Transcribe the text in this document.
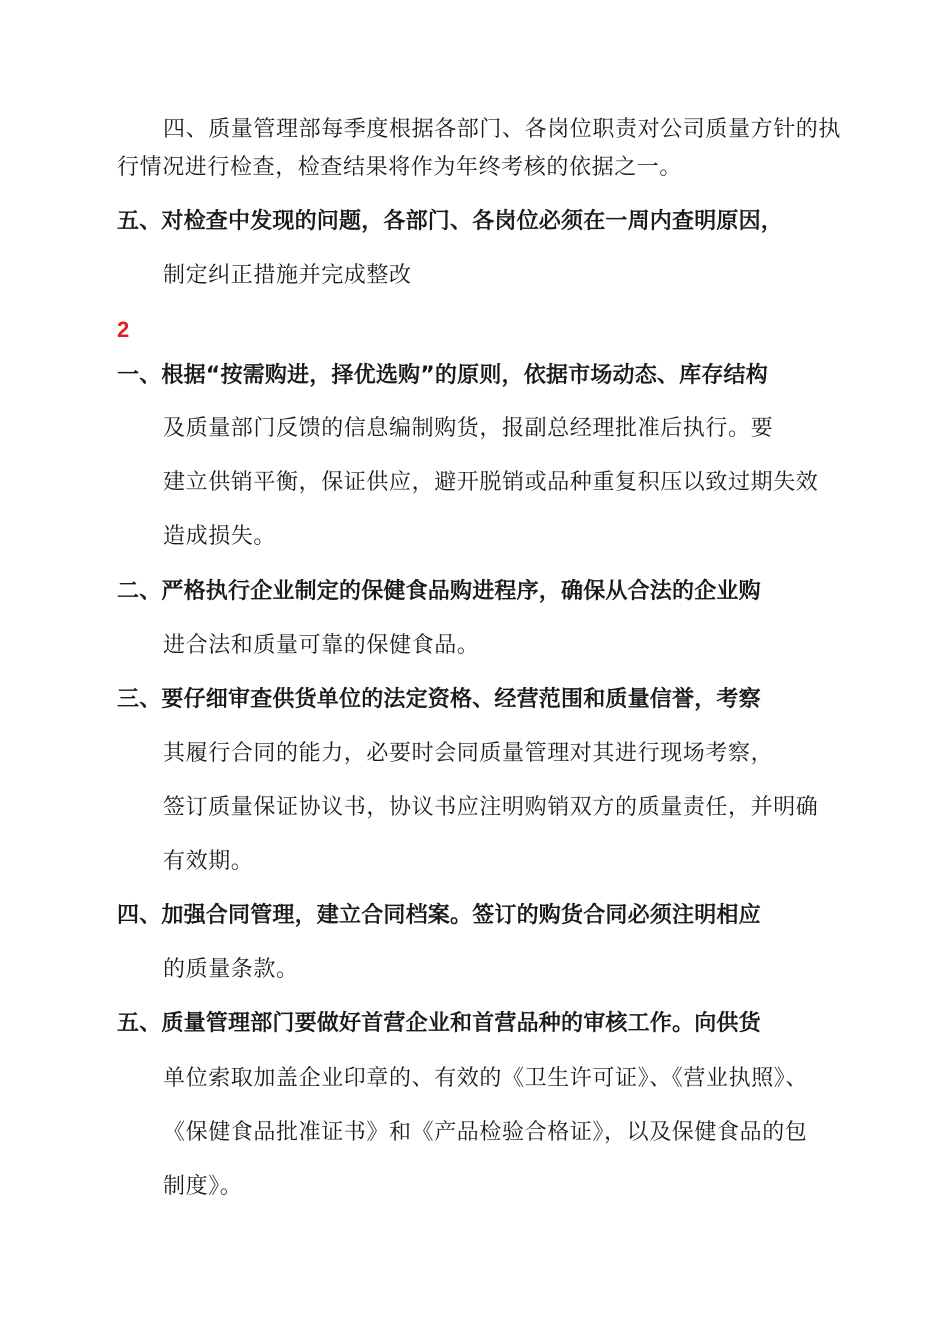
四、质量管理部每季度根据各部门、各岗位职责对公司质量方针的执
行情况进行检查，检查结果将作为年终考核的依据之一。
五、对检查中发现的问题，各部门、各岗位必须在一周内查明原因，
制定纠正措施并完成整改
2
一、根据“按需购进，择优选购”的原则，依据市场动态、库存结构
及质量部门反馈的信息编制购货，报副总经理批准后执行。要
建立供销平衡，保证供应，避开脱销或品种重复积压以致过期失效
造成损失。
二、严格执行企业制定的保健食品购进程序，确保从合法的企业购
进合法和质量可靠的保健食品。
三、要仔细审查供货单位的法定资格、经营范围和质量信誉，考察
其履行合同的能力，必要时会同质量管理对其进行现场考察，
签订质量保证协议书，协议书应注明购销双方的质量责任，并明确
有效期。
四、加强合同管理，建立合同档案。签订的购货合同必须注明相应
的质量条款。
五、质量管理部门要做好首营企业和首营品种的审核工作。向供货
单位索取加盖企业印章的、有效的《卫生许可证》、《营业执照》、
《保健食品批准证书》和《产品检验合格证》，以及保健食品的包
制度》。
